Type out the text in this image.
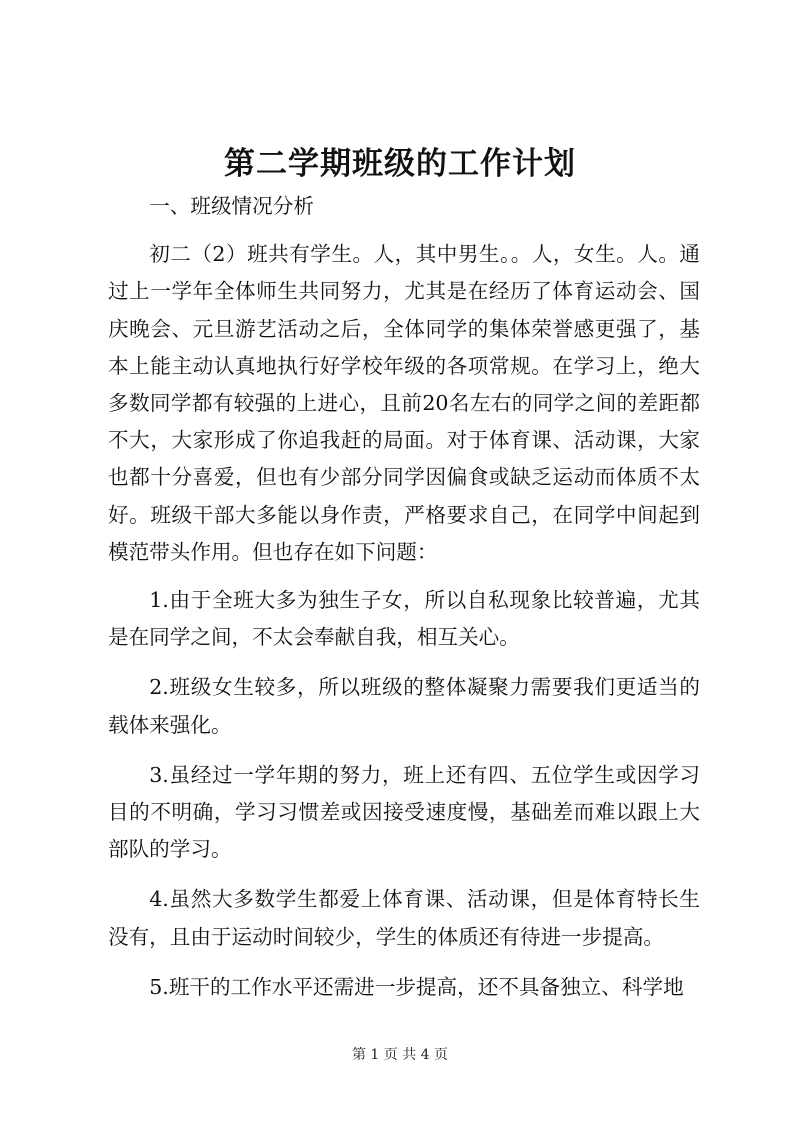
第二学期班级的工作计划

一、班级情况分析

初二（2）班共有学生。人，其中男生。。人，女生。人。通过上一学年全体师生共同努力，尤其是在经历了体育运动会、国庆晚会、元旦游艺活动之后，全体同学的集体荣誉感更强了，基本上能主动认真地执行好学校年级的各项常规。在学习上，绝大多数同学都有较强的上进心，且前20名左右的同学之间的差距都不大，大家形成了你追我赶的局面。对于体育课、活动课，大家也都十分喜爱，但也有少部分同学因偏食或缺乏运动而体质不太好。班级干部大多能以身作责，严格要求自己，在同学中间起到模范带头作用。但也存在如下问题：

1.由于全班大多为独生子女，所以自私现象比较普遍，尤其是在同学之间，不太会奉献自我，相互关心。

2.班级女生较多，所以班级的整体凝聚力需要我们更适当的载体来强化。

3.虽经过一学年期的努力，班上还有四、五位学生或因学习目的不明确，学习习惯差或因接受速度慢，基础差而难以跟上大部队的学习。

4.虽然大多数学生都爱上体育课、活动课，但是体育特长生没有，且由于运动时间较少，学生的体质还有待进一步提高。

5.班干的工作水平还需进一步提高，还不具备独立、科学地

第 1 页 共 4 页
